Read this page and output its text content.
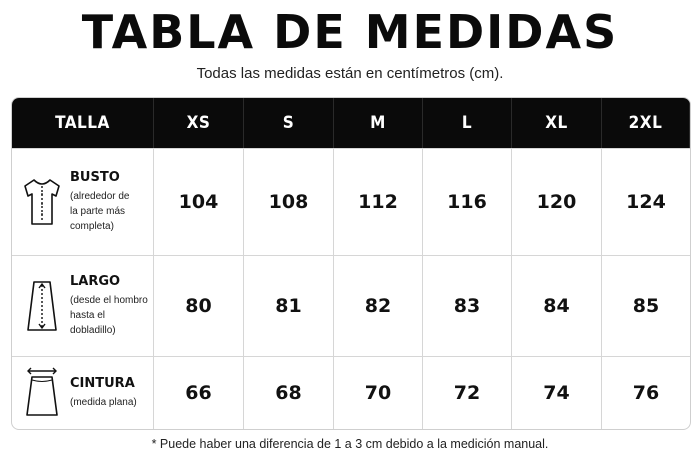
TABLA DE MEDIDAS
Todas las medidas están en centímetros (cm).
TALLA	XS	S	M	L	XL	2XL
BUSTO
(alrededor de
la parte más
completa)
104	108	112	116	120	124
LARGO
(desde el hombro
hasta el dobladillo)
80	81	82	83	84	85
CINTURA
(medida plana)	66	68	70	72	74	76
* Puede haber una diferencia de 1 a 3 cm debido a la medición manual.
